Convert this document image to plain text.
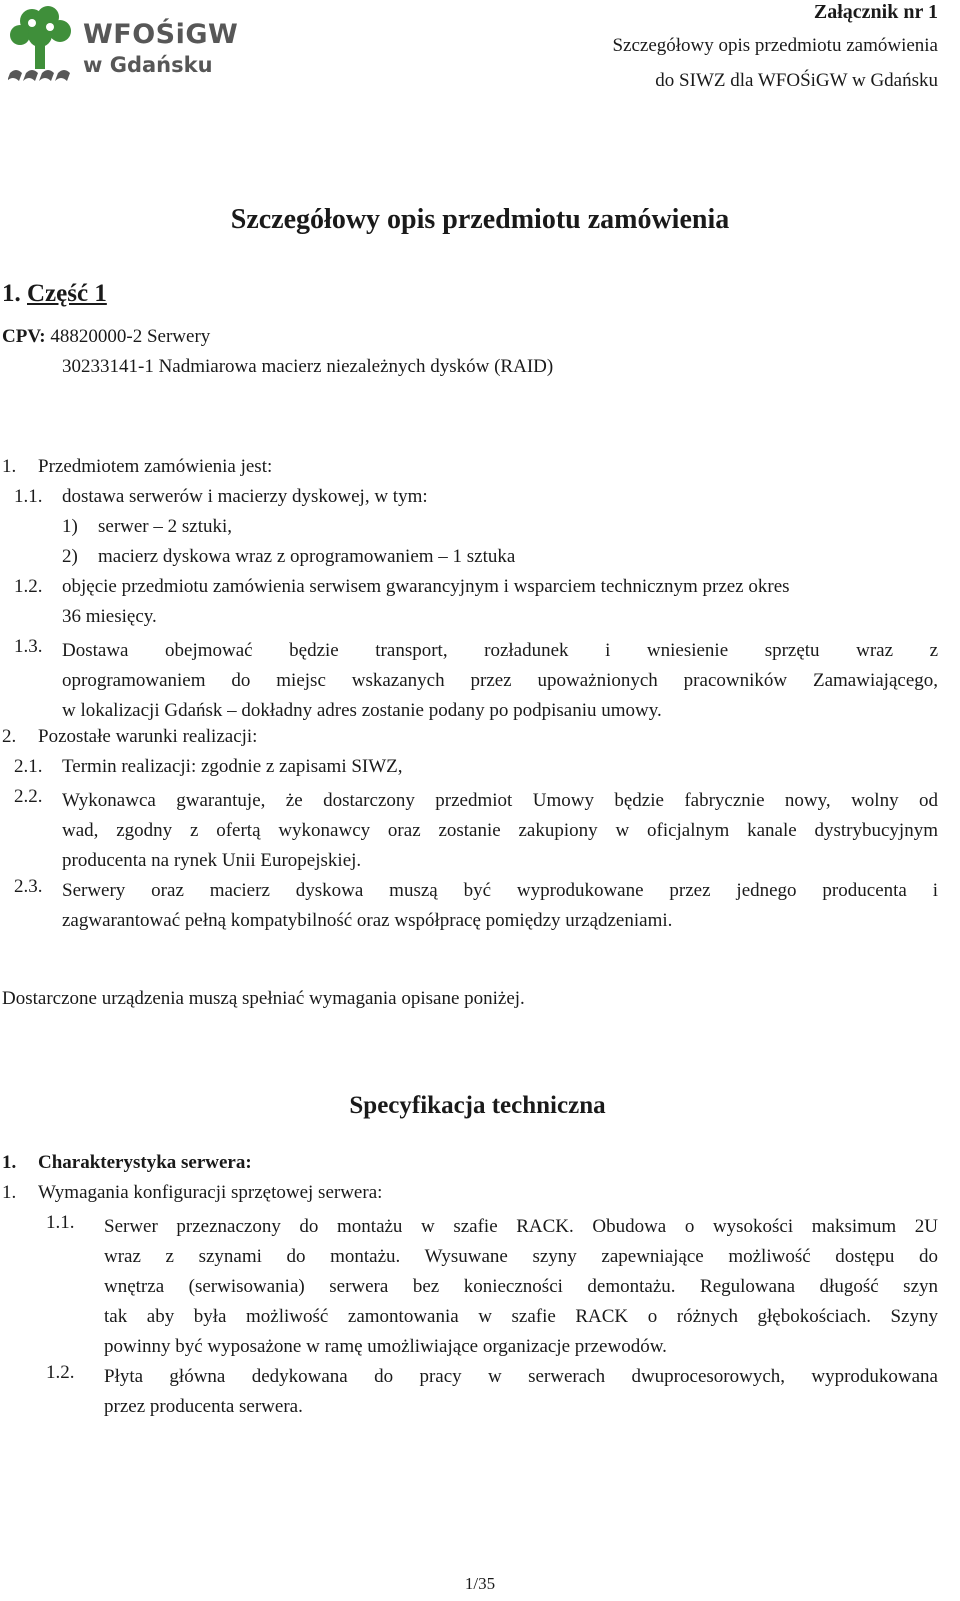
WFOŚiGW
w Gdańsku
Załącznik nr 1
Szczegółowy opis przedmiotu zamówienia
do SIWZ dla WFOŚiGW w Gdańsku
Szczegółowy opis przedmiotu zamówienia
1. Część 1
CPV: 48820000-2 Serwery
30233141-1 Nadmiarowa macierz niezależnych dysków (RAID)
1. Przedmiotem zamówienia jest:
1.1. dostawa serwerów i macierzy dyskowej, w tym:
1) serwer – 2 sztuki,
2) macierz dyskowa wraz z oprogramowaniem – 1 sztuka
1.2. objęcie przedmiotu zamówienia serwisem gwarancyjnym i wsparciem technicznym przez okres
36 miesięcy.
1.3. Dostawa obejmować będzie transport, rozładunek i wniesienie sprzętu wraz z
oprogramowaniem do miejsc wskazanych przez upoważnionych pracowników Zamawiającego,
w lokalizacji Gdańsk – dokładny adres zostanie podany po podpisaniu umowy.
2. Pozostałe warunki realizacji:
2.1. Termin realizacji: zgodnie z zapisami SIWZ,
2.2. Wykonawca gwarantuje, że dostarczony przedmiot Umowy będzie fabrycznie nowy, wolny od
wad, zgodny z ofertą wykonawcy oraz zostanie zakupiony w oficjalnym kanale dystrybucyjnym
producenta na rynek Unii Europejskiej.
2.3. Serwery oraz macierz dyskowa muszą być wyprodukowane przez jednego producenta i
zagwarantować pełną kompatybilność oraz współpracę pomiędzy urządzeniami.
Dostarczone urządzenia muszą spełniać wymagania opisane poniżej.
Specyfikacja techniczna
1. Charakterystyka serwera:
1. Wymagania konfiguracji sprzętowej serwera:
1.1. Serwer przeznaczony do montażu w szafie RACK. Obudowa o wysokości maksimum 2U
wraz z szynami do montażu. Wysuwane szyny zapewniające możliwość dostępu do
wnętrza (serwisowania) serwera bez konieczności demontażu. Regulowana długość szyn
tak aby była możliwość zamontowania w szafie RACK o różnych głębokościach. Szyny
powinny być wyposażone w ramę umożliwiające organizacje przewodów.
1.2. Płyta główna dedykowana do pracy w serwerach dwuprocesorowych, wyprodukowana
przez producenta serwera.
1/35
